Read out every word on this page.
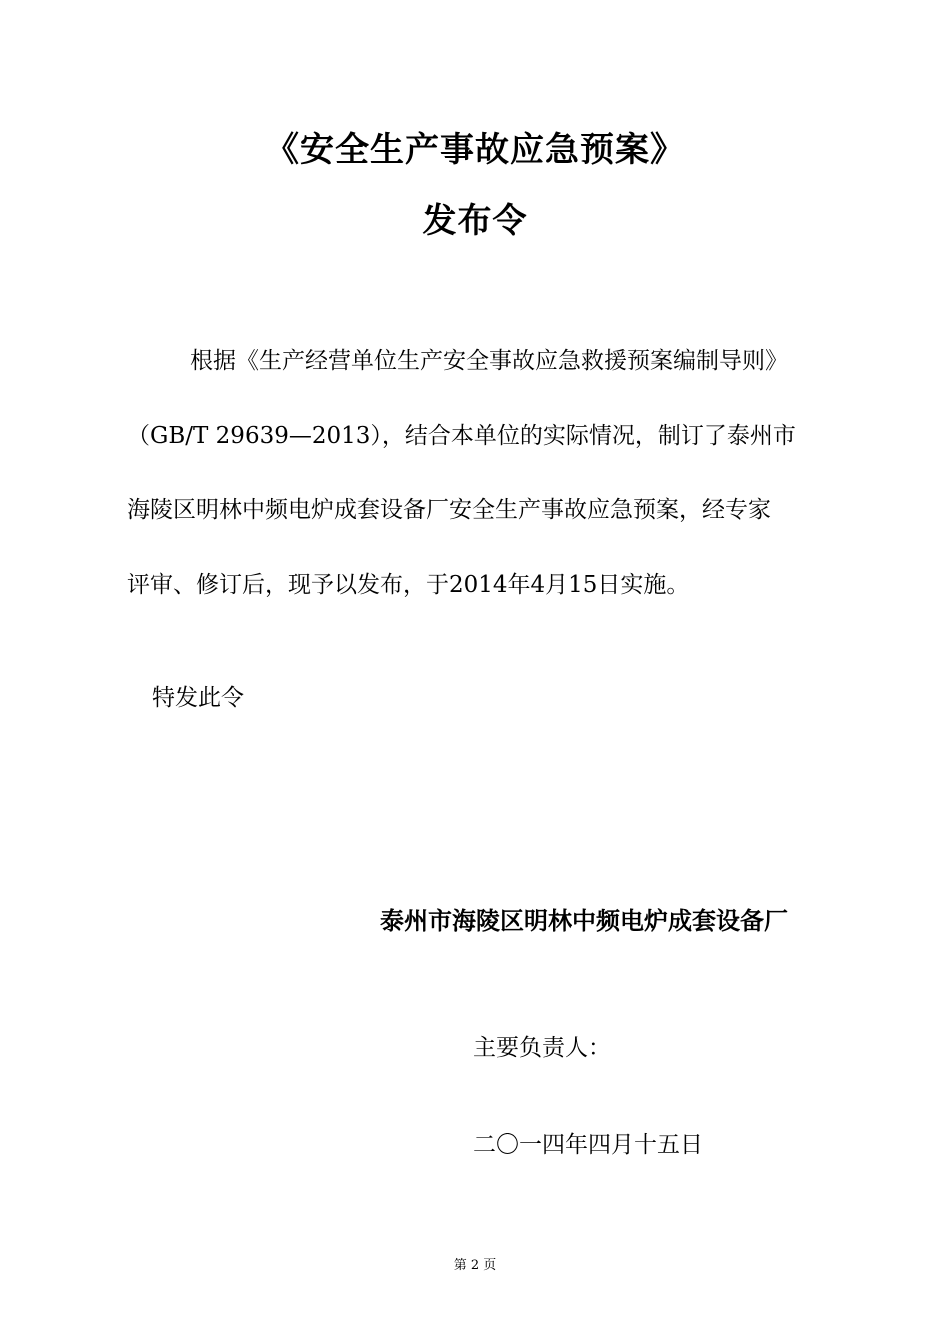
《安全生产事故应急预案》
发布令

根据《生产经营单位生产安全事故应急救援预案编制导则》

（GB/T 29639—2013），结合本单位的实际情况，制订了泰州市

海陵区明林中频电炉成套设备厂安全生产事故应急预案，经专家

评审、修订后，现予以发布，于2014年4月15日实施。

特发此令

泰州市海陵区明林中频电炉成套设备厂

主要负责人：

二〇一四年四月十五日

第 2 页
